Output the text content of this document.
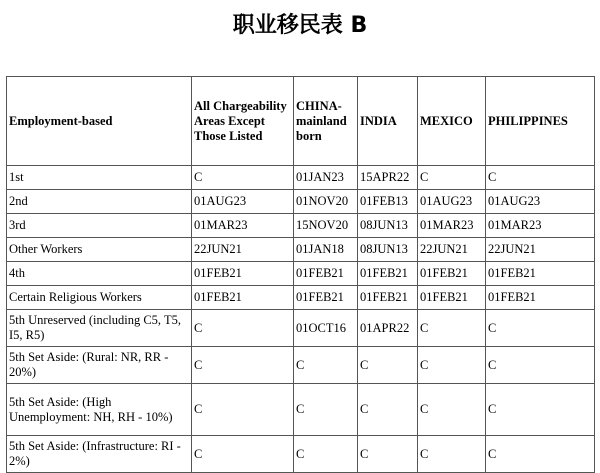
职业移民表 B
Employment-based	All Chargeability Areas Except Those Listed	CHINA-mainland born	INDIA	MEXICO	PHILIPPINES
1st	C	01JAN23	15APR22	C	C
2nd	01AUG23	01NOV20	01FEB13	01AUG23	01AUG23
3rd	01MAR23	15NOV20	08JUN13	01MAR23	01MAR23
Other Workers	22JUN21	01JAN18	08JUN13	22JUN21	22JUN21
4th	01FEB21	01FEB21	01FEB21	01FEB21	01FEB21
Certain Religious Workers	01FEB21	01FEB21	01FEB21	01FEB21	01FEB21
5th Unreserved (including C5, T5, I5, R5)	C	01OCT16	01APR22	C	C
5th Set Aside: (Rural: NR, RR - 20%)	C	C	C	C	C
5th Set Aside: (High Unemployment: NH, RH - 10%)	C	C	C	C	C
5th Set Aside: (Infrastructure: RI - 2%)	C	C	C	C	C
